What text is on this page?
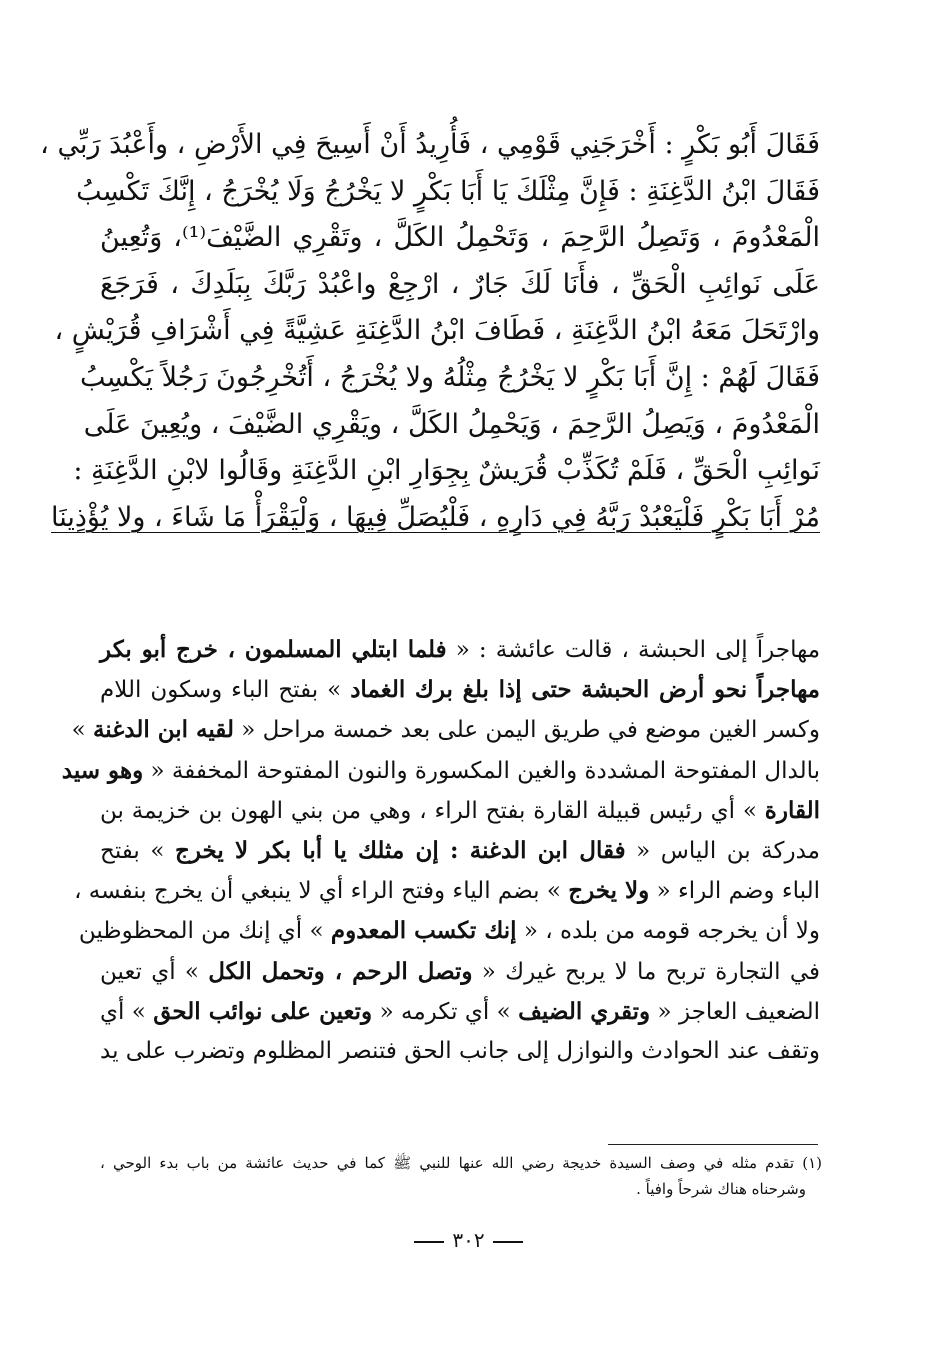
فَقَالَ أَبُو بَكْرٍ : أَخْرَجَنِي قَوْمِي ، فَأُرِيدُ أَنْ أَسِيحَ فِي الأَرْضِ ، وأَعْبُدَ رَبِّي ،
فَقَالَ ابْنُ الدَّغِنَةِ : فَإِنَّ مِثْلَكَ يَا أَبَا بَكْرٍ لا يَخْرُجُ وَلَا يُخْرَجُ ، إِنَّكَ تَكْسِبُ
الْمَعْدُومَ ، وَتَصِلُ الرَّحِمَ ، وَتَحْمِلُ الكَلَّ ، وتَقْرِي الضَّيْفَ⁽¹⁾، وَتُعِينُ
عَلَى نَوائِبِ الْحَقِّ ، فأَنَا لَكَ جَارٌ ، ارْجِعْ واعْبُدْ رَبَّكَ بِبَلَدِكَ ، فَرَجَعَ
وارْتَحَلَ مَعَهُ ابْنُ الدَّغِنَةِ ، فَطَافَ ابْنُ الدَّغِنَةِ عَشِيَّةً فِي أَشْرَافِ قُرَيْشٍ ،
فَقَالَ لَهُمْ : إِنَّ أَبَا بَكْرٍ لا يَخْرُجُ مِثْلُهُ ولا يُخْرَجُ ، أَتُخْرِجُونَ رَجُلاً يَكْسِبُ
الْمَعْدُومَ ، وَيَصِلُ الرَّحِمَ ، وَيَحْمِلُ الكَلَّ ، ويَقْرِي الضَّيْفَ ، ويُعِينَ عَلَى
نَوائِبِ الْحَقِّ ، فَلَمْ تُكَذِّبْ قُرَيشٌ بِجِوَارِ ابْنِ الدَّغِنَةِ وقَالُوا لابْنِ الدَّغِنَةِ :
مُرْ أَبَا بَكْرٍ فَلْيَعْبُدْ رَبَّهُ فِي دَارِهِ ، فَلْيُصَلِّ فِيهَا ، وَلْيَقْرَأْ مَا شَاءَ ، ولا يُؤْذِينَا
مهاجراً إلى الحبشة ، قالت عائشة : « فلما ابتلي المسلمون ، خرج أبو بكر
مهاجراً نحو أرض الحبشة حتى إذا بلغ برك الغماد » بفتح الباء وسكون اللام
وكسر الغين موضع في طريق اليمن على بعد خمسة مراحل « لقيه ابن الدغنة »
بالدال المفتوحة المشددة والغين المكسورة والنون المفتوحة المخففة « وهو سيد
القارة » أي رئيس قبيلة القارة بفتح الراء ، وهي من بني الهون بن خزيمة بن
مدركة بن الياس « فقال ابن الدغنة : إن مثلك يا أبا بكر لا يخرج » بفتح
الباء وضم الراء « ولا يخرج » بضم الياء وفتح الراء أي لا ينبغي أن يخرج بنفسه ،
ولا أن يخرجه قومه من بلده ، « إنك تكسب المعدوم » أي إنك من المحظوظين
في التجارة تربح ما لا يربح غيرك « وتصل الرحم ، وتحمل الكل » أي تعين
الضعيف العاجز « وتقري الضيف » أي تكرمه « وتعين على نوائب الحق » أي
وتقف عند الحوادث والنوازل إلى جانب الحق فتنصر المظلوم وتضرب على يد
(١) تقدم مثله في وصف السيدة خديجة رضي الله عنها للنبي ﷺ كما في حديث عائشة من باب بدء الوحي ،
وشرحناه هناك شرحاً وافياً .
٣٠٢
